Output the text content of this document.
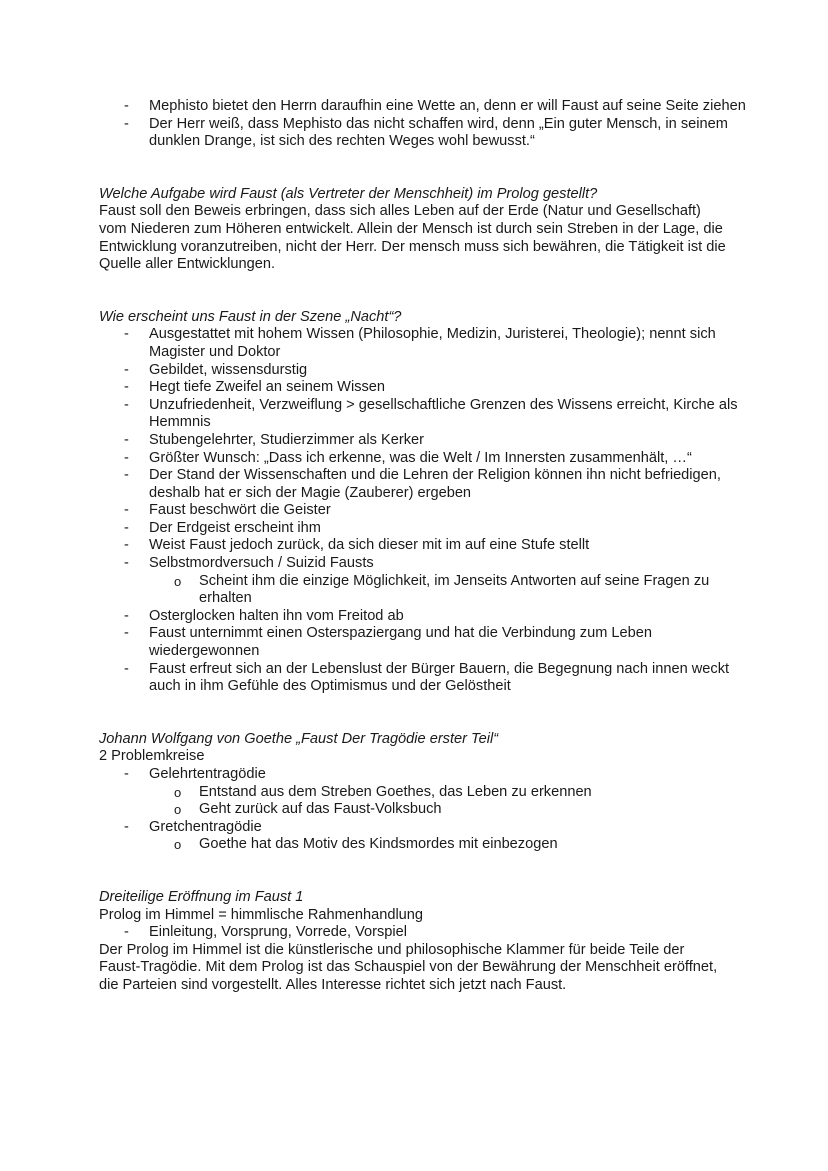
- Mephisto bietet den Herrn daraufhin eine Wette an, denn er will Faust auf seine Seite ziehen
- Der Herr weiß, dass Mephisto das nicht schaffen wird, denn „Ein guter Mensch, in seinem dunklen Drange, ist sich des rechten Weges wohl bewusst.“

Welche Aufgabe wird Faust (als Vertreter der Menschheit) im Prolog gestellt?

Faust soll den Beweis erbringen, dass sich alles Leben auf der Erde (Natur und Gesellschaft) vom Niederen zum Höheren entwickelt. Allein der Mensch ist durch sein Streben in der Lage, die Entwicklung voranzutreiben, nicht der Herr. Der mensch muss sich bewähren, die Tätigkeit ist die Quelle aller Entwicklungen.

Wie erscheint uns Faust in der Szene „Nacht“?

- Ausgestattet mit hohem Wissen (Philosophie, Medizin, Juristerei, Theologie); nennt sich Magister und Doktor
- Gebildet, wissensdurstig
- Hegt tiefe Zweifel an seinem Wissen
- Unzufriedenheit, Verzweiflung > gesellschaftliche Grenzen des Wissens erreicht, Kirche als Hemmnis
- Stubengelehrter, Studierzimmer als Kerker
- Größter Wunsch: „Dass ich erkenne, was die Welt / Im Innersten zusammenhält, …“
- Der Stand der Wissenschaften und die Lehren der Religion können ihn nicht befriedigen, deshalb hat er sich der Magie (Zauberer) ergeben
- Faust beschwört die Geister
- Der Erdgeist erscheint ihm
- Weist Faust jedoch zurück, da sich dieser mit im auf eine Stufe stellt
- Selbstmordversuch / Suizid Fausts
o Scheint ihm die einzige Möglichkeit, im Jenseits Antworten auf seine Fragen zu erhalten
- Osterglocken halten ihn vom Freitod ab
- Faust unternimmt einen Osterspaziergang und hat die Verbindung zum Leben wiedergewonnen
- Faust erfreut sich an der Lebenslust der Bürger Bauern, die Begegnung nach innen weckt auch in ihm Gefühle des Optimismus und der Gelöstheit

Johann Wolfgang von Goethe „Faust Der Tragödie erster Teil“

2 Problemkreise

- Gelehrtentragödie
o Entstand aus dem Streben Goethes, das Leben zu erkennen
o Geht zurück auf das Faust-Volksbuch
- Gretchentragödie
o Goethe hat das Motiv des Kindsmordes mit einbezogen

Dreiteilige Eröffnung im Faust 1

Prolog im Himmel = himmlische Rahmenhandlung

- Einleitung, Vorsprung, Vorrede, Vorspiel

Der Prolog im Himmel ist die künstlerische und philosophische Klammer für beide Teile der Faust-Tragödie. Mit dem Prolog ist das Schauspiel von der Bewährung der Menschheit eröffnet, die Parteien sind vorgestellt. Alles Interesse richtet sich jetzt nach Faust.
